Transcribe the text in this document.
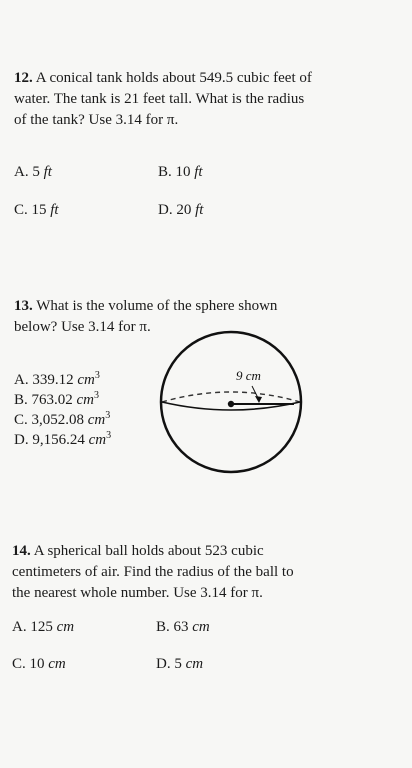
12. A conical tank holds about 549.5 cubic feet of water. The tank is 21 feet tall. What is the radius of the tank? Use 3.14 for π.
A. 5 ft	B. 10 ft
C. 15 ft	D. 20 ft
13. What is the volume of the sphere shown below? Use 3.14 for π.
A. 339.12 $cm^3$
B. 763.02 $cm^3$
C. 3,052.08 $cm^3$
D. 9,156.24 $cm^3$
9 cm
14. A spherical ball holds about 523 cubic centimeters of air. Find the radius of the ball to the nearest whole number. Use 3.14 for π.
A. 125 cm	B. 63 cm
C. 10 cm	D. 5 cm
